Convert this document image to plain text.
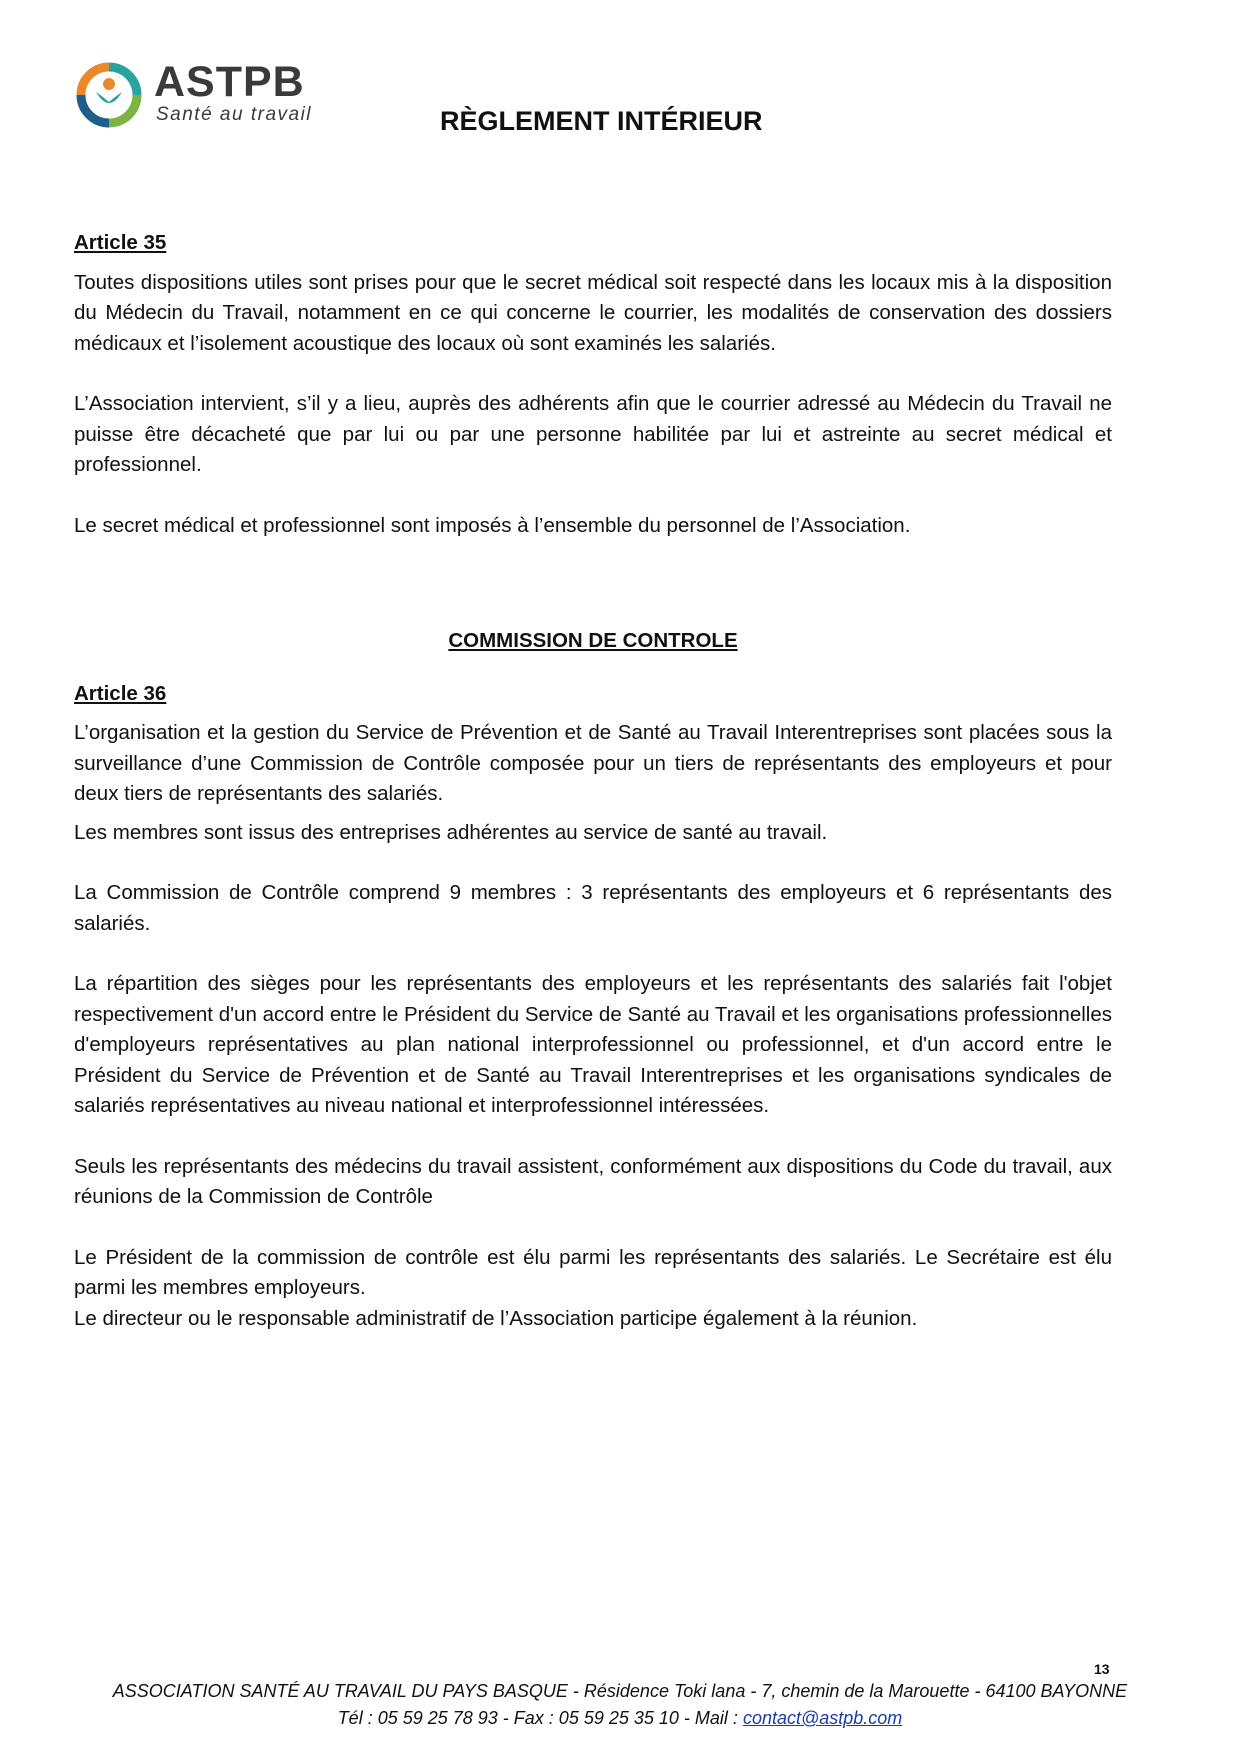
ASTPB
Santé au travail	RÈGLEMENT INTÉRIEUR
Article 35

Toutes dispositions utiles sont prises pour que le secret médical soit respecté dans les locaux mis à la disposition du Médecin du Travail, notamment en ce qui concerne le courrier, les modalités de conservation des dossiers médicaux et l’isolement acoustique des locaux où sont examinés les salariés.

L’Association intervient, s’il y a lieu, auprès des adhérents afin que le courrier adressé au Médecin du Travail ne puisse être décacheté que par lui ou par une personne habilitée par lui et astreinte au secret médical et professionnel.

Le secret médical et professionnel sont imposés à l’ensemble du personnel de l’Association.

COMMISSION DE CONTROLE
Article 36

L’organisation et la gestion du Service de Prévention et de Santé au Travail Interentreprises sont placées sous la surveillance d’une Commission de Contrôle composée pour un tiers de représentants des employeurs et pour deux tiers de représentants des salariés.

Les membres sont issus des entreprises adhérentes au service de santé au travail.

La Commission de Contrôle comprend 9 membres : 3 représentants des employeurs et 6 représentants des salariés.

La répartition des sièges pour les représentants des employeurs et les représentants des salariés fait l'objet respectivement d'un accord entre le Président du Service de Santé au Travail et les organisations professionnelles d'employeurs représentatives au plan national interprofessionnel ou professionnel, et d'un accord entre le Président du Service de Prévention et de Santé au Travail Interentreprises et les organisations syndicales de salariés représentatives au niveau national et interprofessionnel intéressées.

Seuls les représentants des médecins du travail assistent, conformément aux dispositions du Code du travail, aux réunions de la Commission de Contrôle

Le Président de la commission de contrôle est élu parmi les représentants des salariés. Le Secrétaire est élu parmi les membres employeurs.

Le directeur ou le responsable administratif de l’Association participe également à la réunion.

13
ASSOCIATION SANTÉ AU TRAVAIL DU PAYS BASQUE - Résidence Toki lana - 7, chemin de la Marouette - 64100 BAYONNE
Tél : 05 59 25 78 93 - Fax : 05 59 25 35 10 - Mail : contact@astpb.com
